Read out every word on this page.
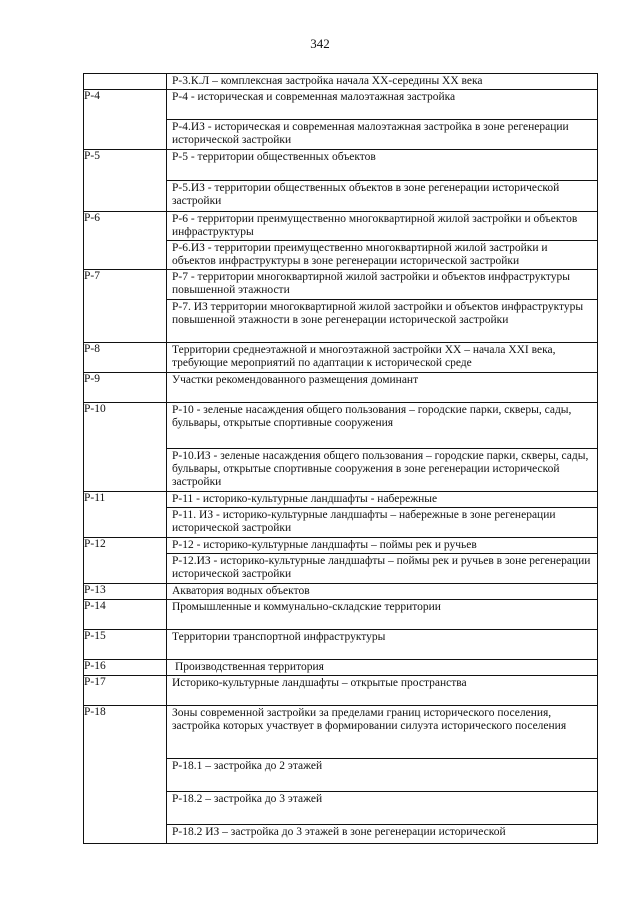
342

	Р-3.К.Л – комплексная застройка начала XX-середины XX века

Р-4	Р-4 - историческая и современная малоэтажная застройка
Р-4.ИЗ - историческая и современная малоэтажная застройка в зоне регенерации исторической застройки

Р-5	Р-5 - территории общественных объектов
Р-5.ИЗ - территории общественных объектов в зоне регенерации исторической застройки

Р-6	Р-6 - территории преимущественно многоквартирной жилой застройки и объектов инфраструктуры
Р-6.ИЗ - территории преимущественно многоквартирной жилой застройки и объектов инфраструктуры в зоне регенерации исторической застройки

Р-7	Р-7 - территории многоквартирной жилой застройки и объектов инфраструктуры повышенной этажности
Р-7. ИЗ территории многоквартирной жилой застройки и объектов инфраструктуры повышенной этажности в зоне регенерации исторической застройки

Р-8	Территории среднеэтажной и многоэтажной застройки XX – начала XXI века, требующие мероприятий по адаптации к исторической среде

Р-9	Участки рекомендованного размещения доминант

Р-10	Р-10 - зеленые насаждения общего пользования – городские парки, скверы, сады, бульвары, открытые спортивные сооружения
Р-10.ИЗ - зеленые насаждения общего пользования – городские парки, скверы, сады, бульвары, открытые спортивные сооружения в зоне регенерации исторической застройки

Р-11	Р-11 - историко-культурные ландшафты - набережные
Р-11. ИЗ - историко-культурные ландшафты – набережные в зоне регенерации исторической застройки

Р-12	Р-12 - историко-культурные ландшафты – поймы рек и ручьев
Р-12.ИЗ - историко-культурные ландшафты – поймы рек и ручьев в зоне регенерации исторической застройки

Р-13	Акватория водных объектов

Р-14	Промышленные и коммунально-складские территории

Р-15	Территории транспортной инфраструктуры

Р-16	Производственная территория

Р-17	Историко-культурные ландшафты – открытые пространства

Р-18	Зоны современной застройки за пределами границ исторического поселения, застройка которых участвует в формировании силуэта исторического поселения
Р-18.1 – застройка до 2 этажей
Р-18.2 – застройка до 3 этажей
Р-18.2 ИЗ – застройка до 3 этажей в зоне регенерации исторической
